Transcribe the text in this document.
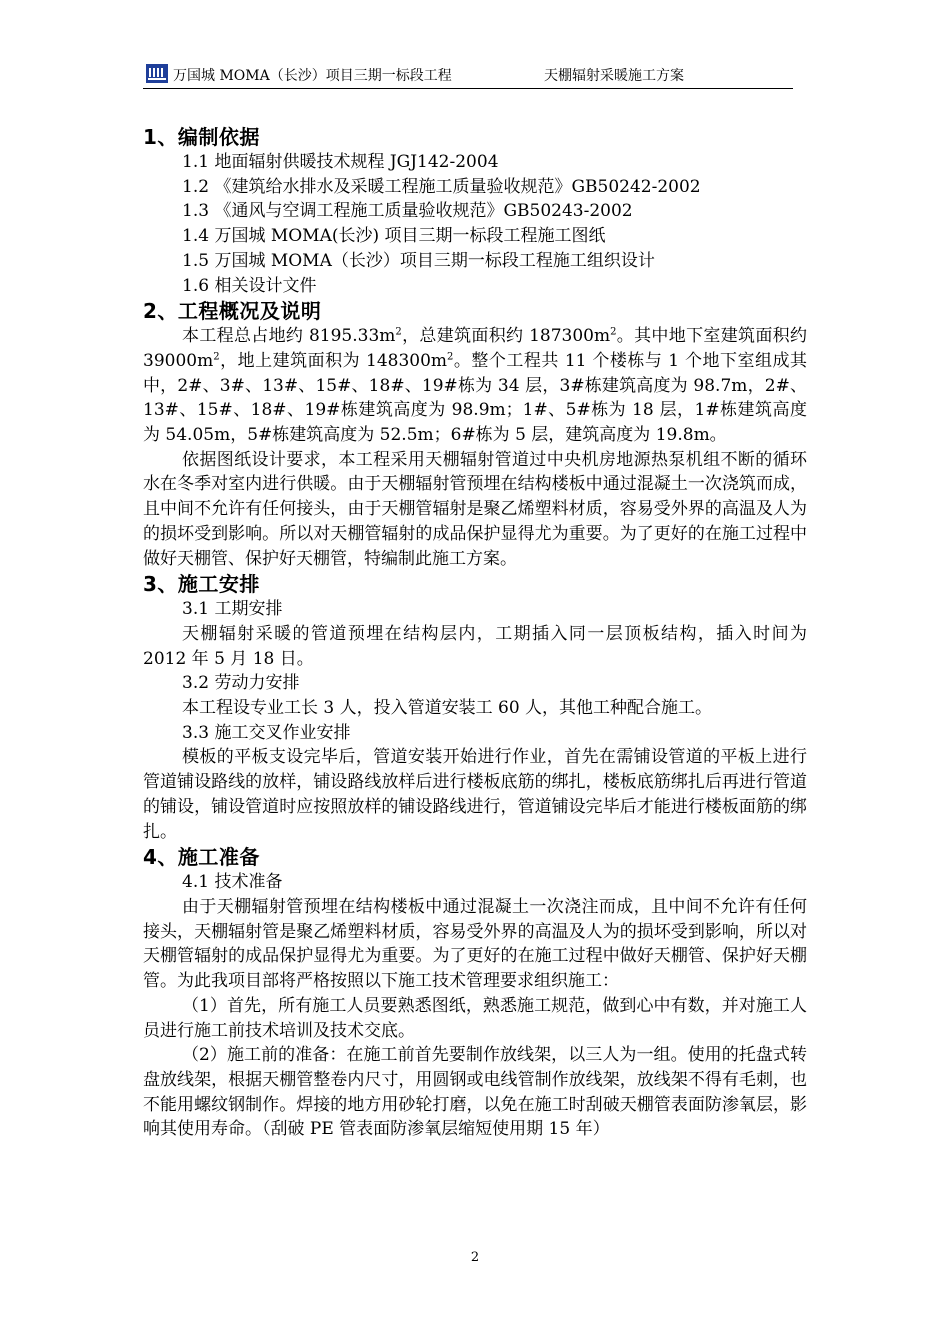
万国城 MOMA（长沙）项目三期一标段工程	天棚辐射采暖施工方案
1、编制依据

1.1 地面辐射供暖技术规程 JGJ142-2004

1.2 《建筑给水排水及采暖工程施工质量验收规范》GB50242-2002

1.3 《通风与空调工程施工质量验收规范》GB50243-2002

1.4 万国城 MOMA(长沙) 项目三期一标段工程施工图纸

1.5 万国城 MOMA（长沙）项目三期一标段工程施工组织设计

1.6 相关设计文件

2、工程概况及说明

本工程总占地约 $8195.33m^2$，总建筑面积约 $187300m^2$。其中地下室建筑面积约 $39000m^2$，地上建筑面积为 $148300m^2$。整个工程共 11 个楼栋与 1 个地下室组成其中，2#、3#、13#、15#、18#、19#栋为 34 层，3#栋建筑高度为 98.7m，2#、13#、15#、18#、19#栋建筑高度为 98.9m；1#、5#栋为 18 层，1#栋建筑高度为 54.05m，5#栋建筑高度为 52.5m；6#栋为 5 层，建筑高度为 19.8m。

依据图纸设计要求，本工程采用天棚辐射管道过中央机房地源热泵机组不断的循环水在冬季对室内进行供暖。由于天棚辐射管预埋在结构楼板中通过混凝土一次浇筑而成，且中间不允许有任何接头，由于天棚管辐射是聚乙烯塑料材质，容易受外界的高温及人为的损坏受到影响。所以对天棚管辐射的成品保护显得尤为重要。为了更好的在施工过程中做好天棚管、保护好天棚管，特编制此施工方案。

3、施工安排

3.1 工期安排

天棚辐射采暖的管道预埋在结构层内，工期插入同一层顶板结构，插入时间为 2012 年 5 月 18 日。

3.2 劳动力安排

本工程设专业工长 3 人，投入管道安装工 60 人，其他工种配合施工。

3.3 施工交叉作业安排

模板的平板支设完毕后，管道安装开始进行作业，首先在需铺设管道的平板上进行管道铺设路线的放样，铺设路线放样后进行楼板底筋的绑扎，楼板底筋绑扎后再进行管道的铺设，铺设管道时应按照放样的铺设路线进行，管道铺设完毕后才能进行楼板面筋的绑扎。

4、施工准备

4.1 技术准备

由于天棚辐射管预埋在结构楼板中通过混凝土一次浇注而成，且中间不允许有任何接头，天棚辐射管是聚乙烯塑料材质，容易受外界的高温及人为的损坏受到影响，所以对天棚管辐射的成品保护显得尤为重要。为了更好的在施工过程中做好天棚管、保护好天棚管。为此我项目部将严格按照以下施工技术管理要求组织施工：

（1）首先，所有施工人员要熟悉图纸，熟悉施工规范，做到心中有数，并对施工人员进行施工前技术培训及技术交底。

（2）施工前的准备：在施工前首先要制作放线架，以三人为一组。使用的托盘式转盘放线架，根据天棚管整卷内尺寸，用圆钢或电线管制作放线架，放线架不得有毛刺，也不能用螺纹钢制作。焊接的地方用砂轮打磨，以免在施工时刮破天棚管表面防渗氧层，影响其使用寿命。（刮破 PE 管表面防渗氧层缩短使用期 15 年）

2
